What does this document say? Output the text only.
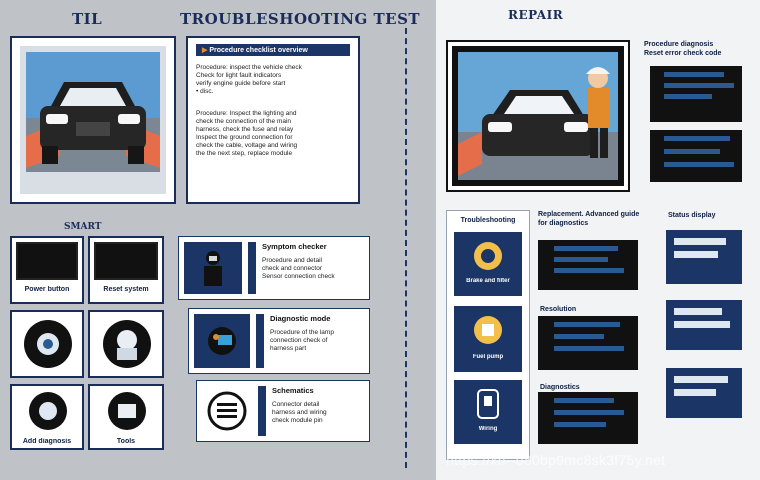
TIL	TROUBLESHOOTING TEST
▶ Procedure checklist overview
Procedure: inspect the vehicle check
Check for light fault indicators
verify engine guide before start
• disc.
Procedure: Inspect the lighting and
check the connection of the main
harness, check the fuse and relay
Inspect the ground connection for
check the cable, voltage and wiring
the the next step, replace module
SMART
Power button	Reset system
Add diagnosis	Tools
Symptom checker
Procedure and detail
check and connector
Sensor connection check
Diagnostic mode
Procedure of the lamp
connection check of
harness part
Schematics
Connector detail
harness and wiring
check module pin
REPAIR
Procedure diagnosis
Reset error check code
Troubleshooting
Replacement. Advanced guide for diagnostics
Status display
Brake and filter
Fuel pump
Wiring
Resolution
Diagnostics
https://xn--o80bp9mc8sk3f75y.net
